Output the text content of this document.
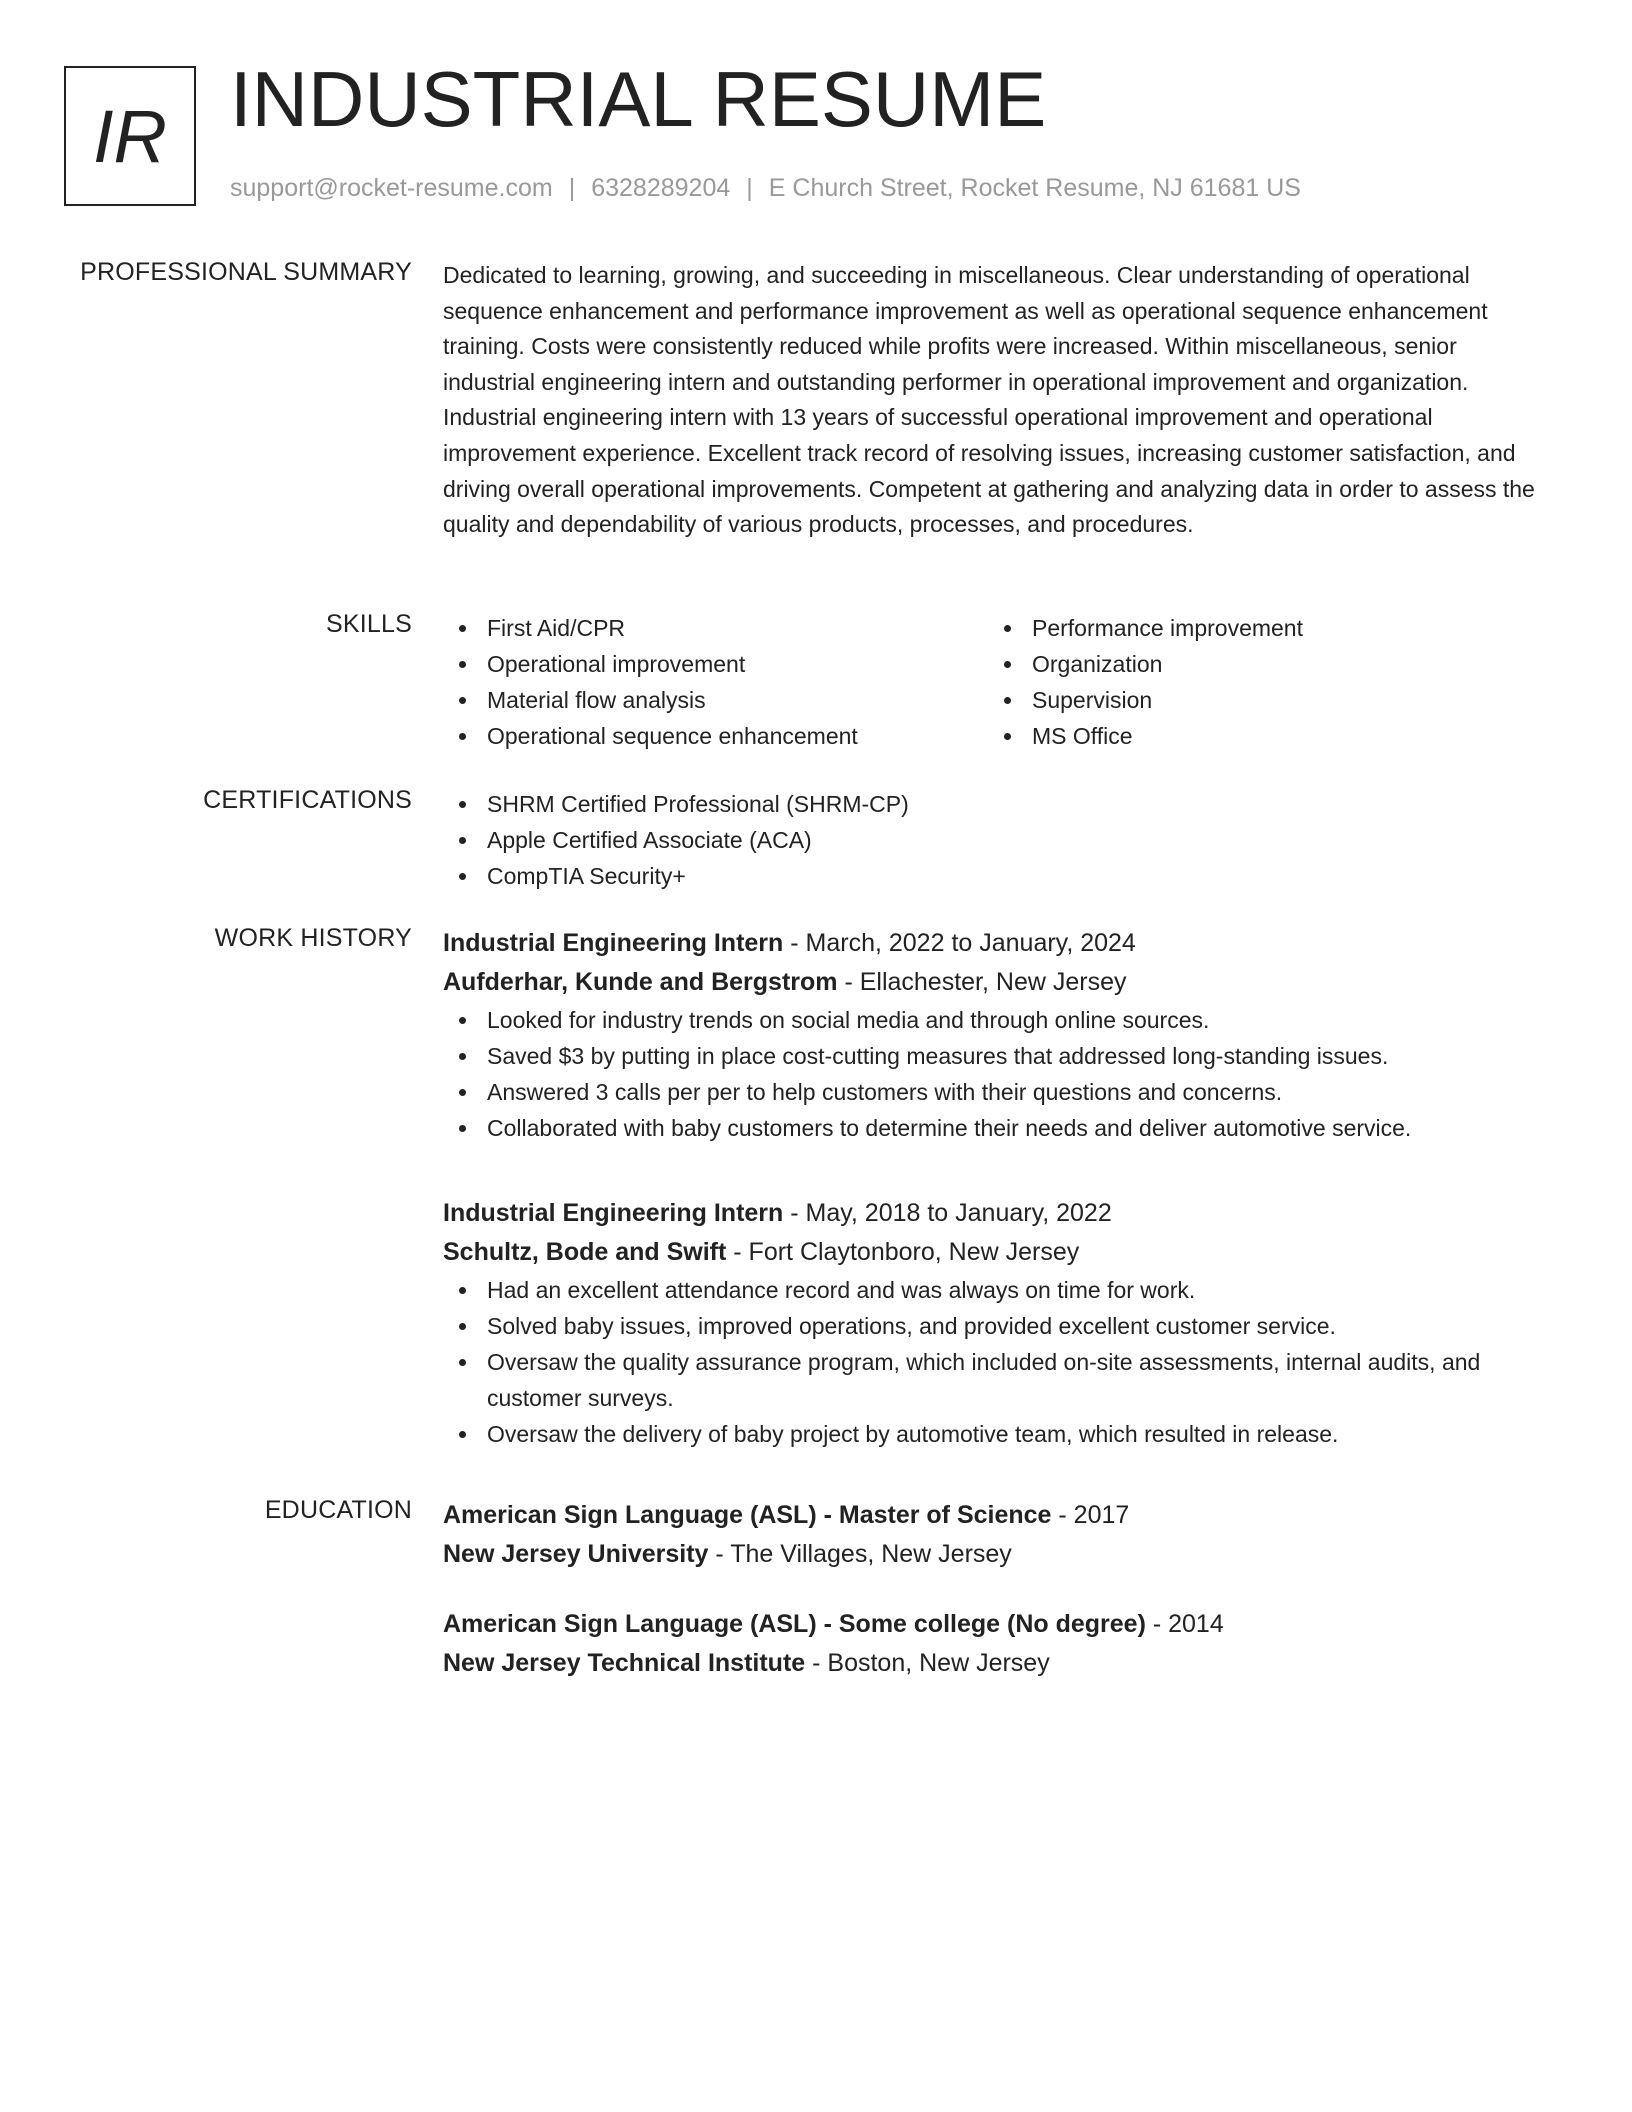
IR INDUSTRIAL RESUME
support@rocket-resume.com | 6328289204 | E Church Street, Rocket Resume, NJ 61681 US
PROFESSIONAL SUMMARY Dedicated to learning, growing, and succeeding in miscellaneous. Clear understanding of operational sequence enhancement and performance improvement as well as operational sequence enhancement training. Costs were consistently reduced while profits were increased. Within miscellaneous, senior industrial engineering intern and outstanding performer in operational improvement and organization. Industrial engineering intern with 13 years of successful operational improvement and operational improvement experience. Excellent track record of resolving issues, increasing customer satisfaction, and driving overall operational improvements. Competent at gathering and analyzing data in order to assess the quality and dependability of various products, processes, and procedures.

SKILLS	First Aid/CPR
Operational improvement
Material flow analysis
Operational sequence enhancement
Performance improvement
Organization
Supervision
MS Office
CERTIFICATIONS	SHRM Certified Professional (SHRM-CP)
Apple Certified Associate (ACA)
CompTIA Security+
WORK HISTORY Industrial Engineering Intern - March, 2022 to January, 2024
Aufderhar, Kunde and Bergstrom - Ellachester, New Jersey
Looked for industry trends on social media and through online sources.
Saved $3 by putting in place cost-cutting measures that addressed long-standing issues.
Answered 3 calls per per to help customers with their questions and concerns.
Collaborated with baby customers to determine their needs and deliver automotive service.
Industrial Engineering Intern - May, 2018 to January, 2022
Schultz, Bode and Swift - Fort Claytonboro, New Jersey
Had an excellent attendance record and was always on time for work.
Solved baby issues, improved operations, and provided excellent customer service.
Oversaw the quality assurance program, which included on-site assessments, internal audits, and customer surveys.
Oversaw the delivery of baby project by automotive team, which resulted in release.
EDUCATION American Sign Language (ASL) - Master of Science - 2017
New Jersey University - The Villages, New Jersey
American Sign Language (ASL) - Some college (No degree) - 2014
New Jersey Technical Institute - Boston, New Jersey
